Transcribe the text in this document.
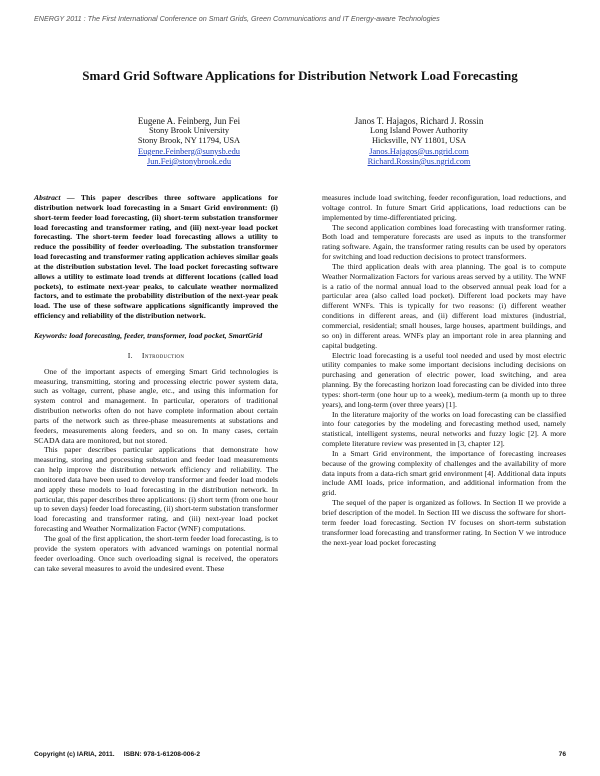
ENERGY 2011 : The First International Conference on Smart Grids, Green Communications and IT Energy-aware Technologies
Smard Grid Software Applications for Distribution Network Load Forecasting
Eugene A. Feinberg, Jun Fei
Stony Brook University
Stony Brook, NY 11794, USA
Eugene.Feinberg@sunysb.edu
Jun.Fei@stonybrook.edu
Janos T. Hajagos, Richard J. Rossin
Long Island Power Authority
Hicksville, NY 11801, USA
Janos.Hajagos@us.ngrid.com
Richard.Rossin@us.ngrid.com

Abstract — This paper describes three software applications for distribution network load forecasting in a Smart Grid environment: (i) short-term feeder load forecasting, (ii) short-term substation transformer load forecasting and transformer rating, and (iii) next-year load pocket forecasting. The short-term feeder load forecasting allows a utility to reduce the possibility of feeder overloading. The substation transformer load forecasting and transformer rating application achieves similar goals at the distribution substation level. The load pocket forecasting software allows a utility to estimate load trends at different locations (called load pockets), to estimate next-year peaks, to calculate weather normalized factors, and to estimate the probability distribution of the next-year peak load. The use of these software applications significantly improved the efficiency and reliability of the distribution network.

Keywords: load forecasting, feeder, transformer, load pocket, SmartGrid

I. Introduction

One of the important aspects of emerging Smart Grid technologies is measuring, transmitting, storing and processing electric power system data, such as voltage, current, phase angle, etc., and using this information for system control and management. In particular, operators of traditional distribution networks often do not have complete information about certain parts of the network such as three-phase measurements at substations and feeders, measurements along feeders, and so on. In many cases, certain SCADA data are monitored, but not stored.

This paper describes particular applications that demonstrate how measuring, storing and processing substation and feeder load measurements can help improve the distribution network efficiency and reliability. The monitored data have been used to develop transformer and feeder load models and apply these models to load forecasting in the distribution network. In particular, this paper describes three applications: (i) short term (from one hour up to seven days) feeder load forecasting, (ii) short-term substation transformer load forecasting and transformer rating, and (iii) next-year load pocket forecasting and Weather Normalization Factor (WNF) computations.

The goal of the first application, the short-term feeder load forecasting, is to provide the system operators with advanced warnings on potential normal feeder overloading. Once such overloading signal is received, the operators can take several measures to avoid the undesired event. These

measures include load switching, feeder reconfiguration, load reductions, and voltage control. In future Smart Grid applications, load reductions can be implemented by time-differentiated pricing.

The second application combines load forecasting with transformer rating. Both load and temperature forecasts are used as inputs to the transformer rating software. Again, the transformer rating results can be used by operators for switching and load reduction decisions to protect transformers.

The third application deals with area planning. The goal is to compute Weather Normalization Factors for various areas served by a utility. The WNF is a ratio of the normal annual load to the observed annual peak load for a particular area (also called load pocket). Different load pockets may have different WNFs. This is typically for two reasons: (i) different weather conditions in different areas, and (ii) different load mixtures (industrial, commercial, residential; small houses, large houses, apartment buildings, and so on) in different areas. WNFs play an important role in area planning and capital budgeting.

Electric load forecasting is a useful tool needed and used by most electric utility companies to make some important decisions including decisions on purchasing and generation of electric power, load switching, and area planning. By the forecasting horizon load forecasting can be divided into three types: short-term (one hour up to a week), medium-term (a month up to three years), and long-term (over three years) [1].

In the literature majority of the works on load forecasting can be classified into four categories by the modeling and forecasting method used, namely statistical, intelligent systems, neural networks and fuzzy logic [2]. A more complete literature review was presented in [3, chapter 12].

In a Smart Grid environment, the importance of forecasting increases because of the growing complexity of challenges and the availability of more data inputs from a data-rich smart grid environment [4]. Additional data inputs include AMI loads, price information, and additional information from the grid.

The sequel of the paper is organized as follows. In Section II we provide a brief description of the model. In Section III we discuss the software for short-term feeder load forecasting. Section IV focuses on short-term substation transformer load forecasting and transformer rating. In Section V we introduce the next-year load pocket forecasting

Copyright (c) IARIA, 2011.     ISBN: 978-1-61208-006-2	76
